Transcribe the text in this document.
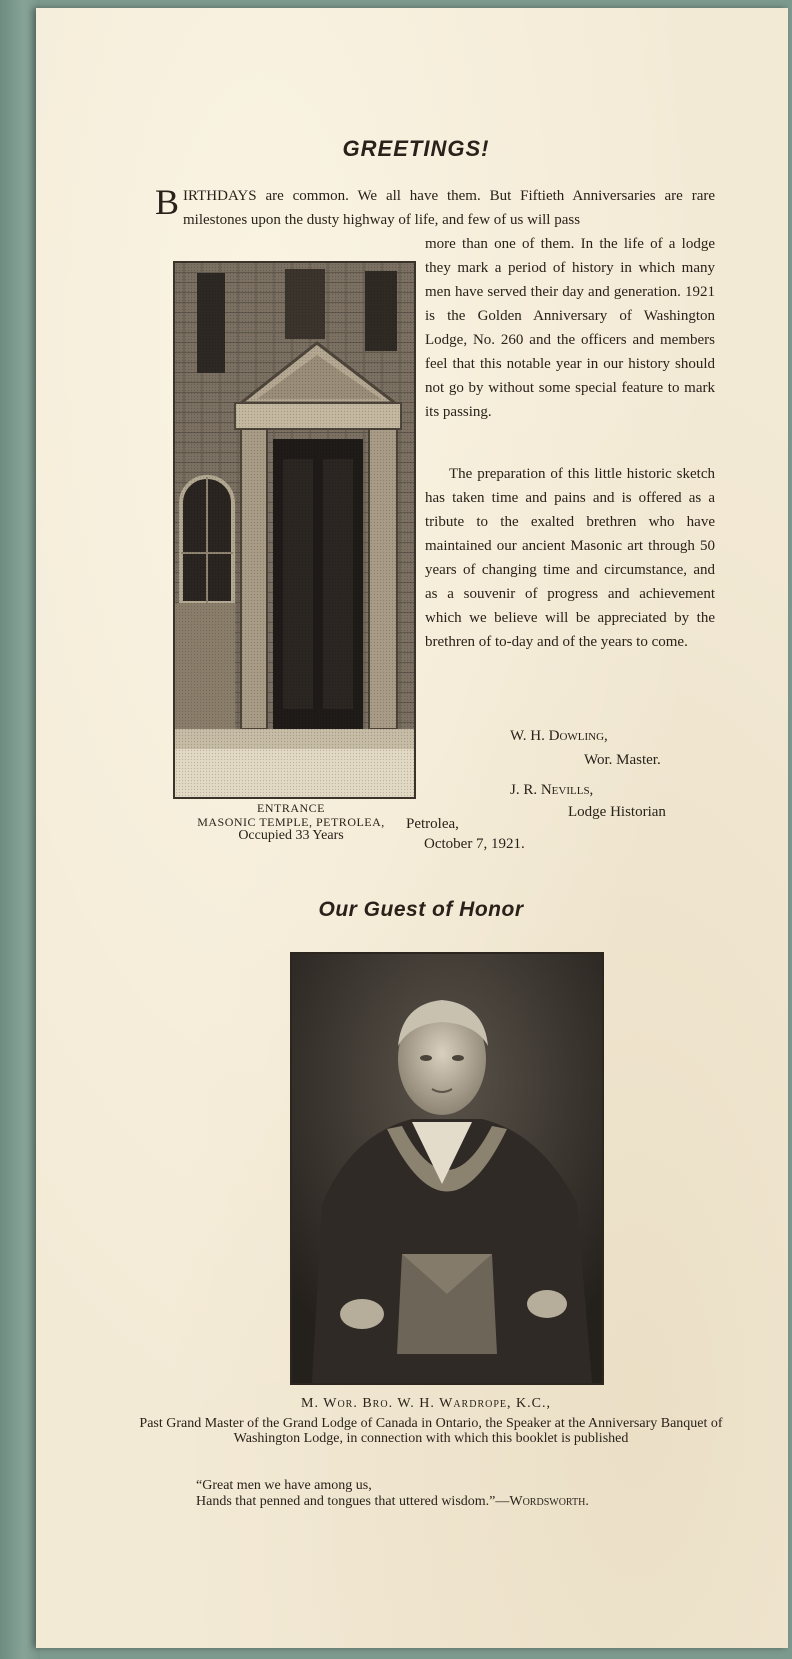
GREETINGS!

BIRTHDAYS are common. We all have them. But Fiftieth Anniversaries are rare milestones upon the dusty highway of life, and few of us will pass

ENTRANCE
MASONIC TEMPLE, PETROLEA,
Occupied 33 Years

more than one of them. In the life of a lodge they mark a period of history in which many men have served their day and generation. 1921 is the Golden Anniversary of Washington Lodge, No. 260 and the officers and members feel that this notable year in our history should not go by without some special feature to mark its passing.

The preparation of this little historic sketch has taken time and pains and is offered as a tribute to the exalted brethren who have maintained our ancient Masonic art through 50 years of changing time and circumstance, and as a souvenir of progress and achievement which we believe will be appreciated by the brethren of to-day and of the years to come.

W. H. Dowling,
Wor. Master.
J. R. Nevills,
Lodge Historian
Petrolea,
October 7, 1921.
Our Guest of Honor
M. Wor. Bro. W. H. Wardrope, K.C.,
Past Grand Master of the Grand Lodge of Canada in Ontario, the Speaker at the Anniversary Banquet of Washington Lodge, in connection with which this booklet is published
“Great men we have among us,
Hands that penned and tongues that uttered wisdom.”—Wordsworth.
